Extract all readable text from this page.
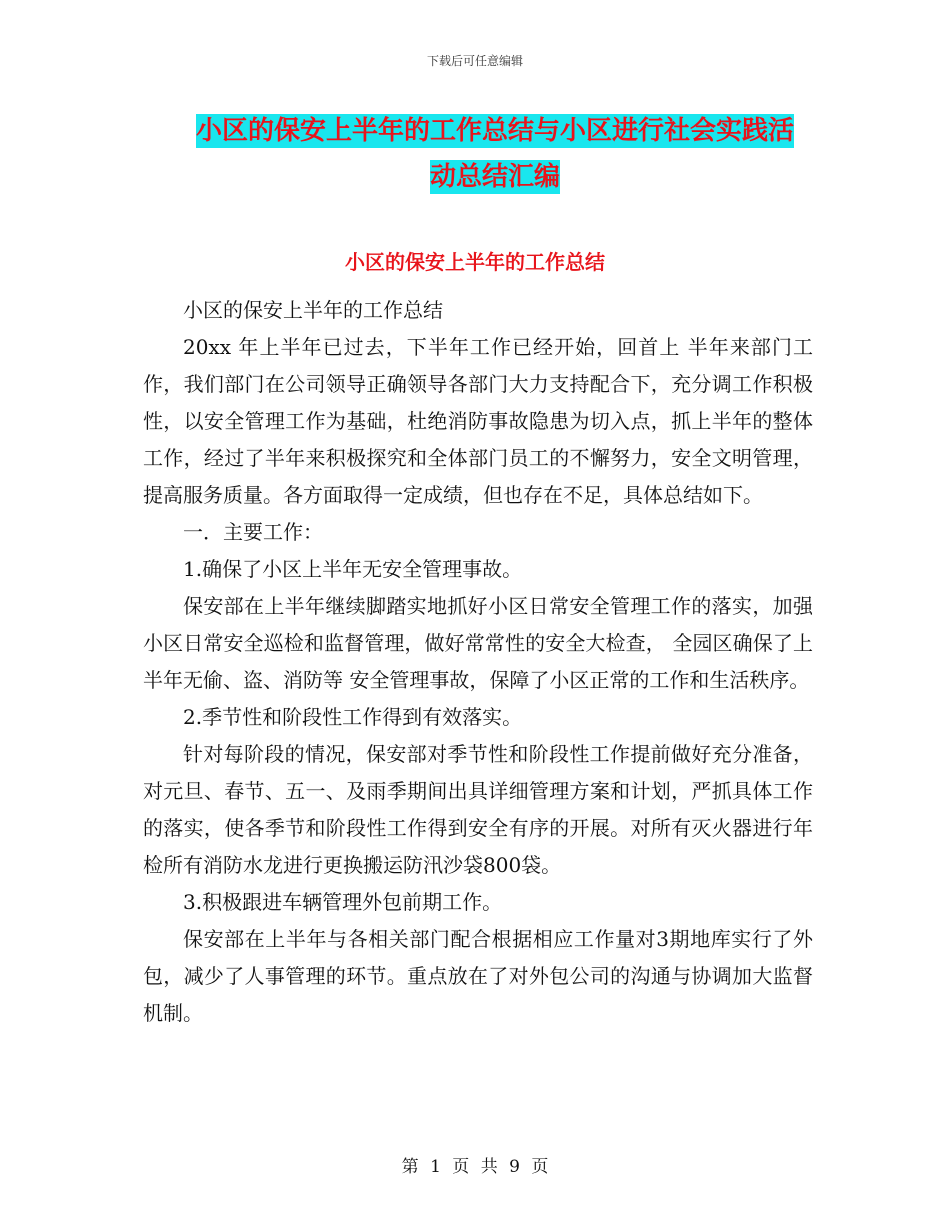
下载后可任意编辑
小区的保安上半年的工作总结与小区进行社会实践活
动总结汇编
小区的保安上半年的工作总结

小区的保安上半年的工作总结

20xx 年上半年已过去，下半年工作已经开始，回首上 半年来部门工作，我们部门在公司领导正确领导各部门大力支持配合下，充分调工作积极性，以安全管理工作为基础，杜绝消防事故隐患为切入点，抓上半年的整体工作，经过了半年来积极探究和全体部门员工的不懈努力，安全文明管理，提高服务质量。各方面取得一定成绩，但也存在不足，具体总结如下。

一．主要工作：

1.确保了小区上半年无安全管理事故。

保安部在上半年继续脚踏实地抓好小区日常安全管理工作的落实，加强小区日常安全巡检和监督管理，做好常常性的安全大检查， 全园区确保了上半年无偷、盗、消防等 安全管理事故，保障了小区正常的工作和生活秩序。

2.季节性和阶段性工作得到有效落实。

针对每阶段的情况，保安部对季节性和阶段性工作提前做好充分准备，对元旦、春节、五一、及雨季期间出具详细管理方案和计划，严抓具体工作的落实，使各季节和阶段性工作得到安全有序的开展。对所有灭火器进行年检所有消防水龙进行更换搬运防汛沙袋800袋。

3.积极跟进车辆管理外包前期工作。

保安部在上半年与各相关部门配合根据相应工作量对3期地库实行了外包，减少了人事管理的环节。重点放在了对外包公司的沟通与协调加大监督机制。

第 1 页 共 9 页
